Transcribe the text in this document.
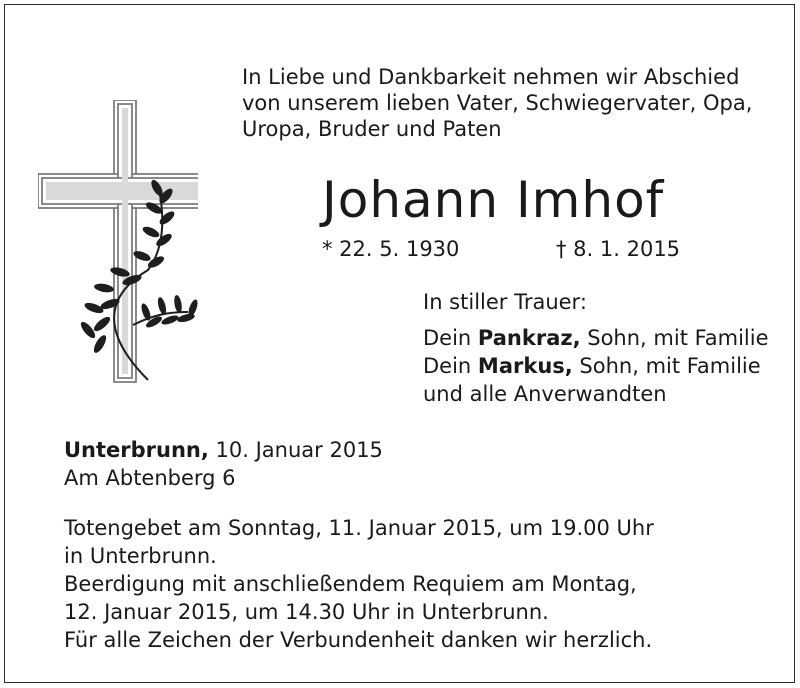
In Liebe und Dankbarkeit nehmen wir Abschied
von unserem lieben Vater, Schwiegervater, Opa,
Uropa, Bruder und Paten
Johann Imhof
* 22. 5. 1930	† 8. 1. 2015
In stiller Trauer:
Dein Pankraz, Sohn, mit Familie
Dein Markus, Sohn, mit Familie
und alle Anverwandten
Unterbrunn, 10. Januar 2015
Am Abtenberg 6
Totengebet am Sonntag, 11. Januar 2015, um 19.00 Uhr
in Unterbrunn.
Beerdigung mit anschließendem Requiem am Montag,
12. Januar 2015, um 14.30 Uhr in Unterbrunn.
Für alle Zeichen der Verbundenheit danken wir herzlich.
